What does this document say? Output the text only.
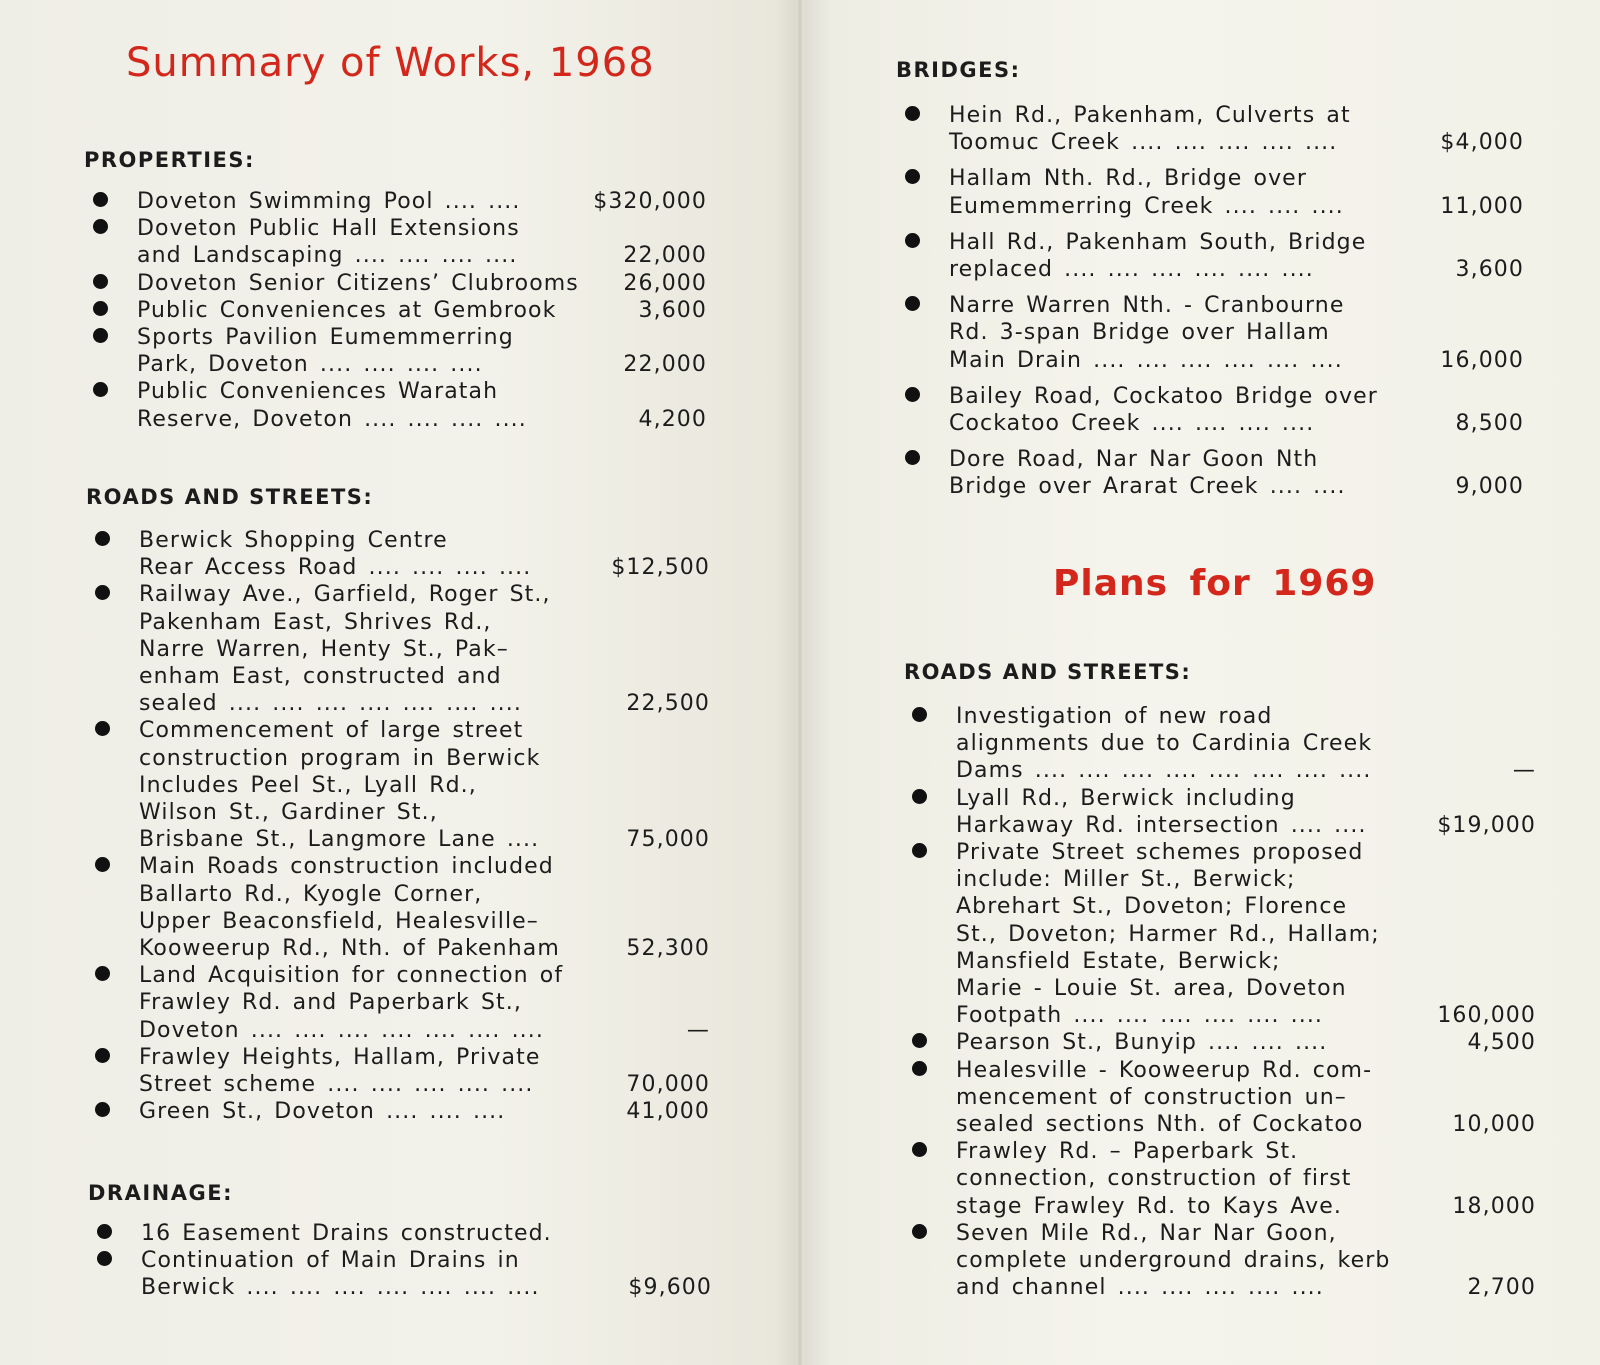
Summary of Works, 1968
PROPERTIES:
Doveton Swimming Pool .... ....	$320,000
Doveton Public Hall Extensions
and Landscaping .... .... .... ....	22,000
Doveton Senior Citizens’ Clubrooms	26,000
Public Conveniences at Gembrook	3,600
Sports Pavilion Eumemmerring
Park, Doveton .... .... .... ....	22,000
Public Conveniences Waratah
Reserve, Doveton .... .... .... ....	4,200
ROADS AND STREETS:
Berwick Shopping Centre
Rear Access Road .... .... .... ....	$12,500
Railway Ave., Garfield, Roger St.,
Pakenham East, Shrives Rd.,
Narre Warren, Henty St., Pak–
enham East, constructed and
sealed .... .... .... .... .... .... ....	22,500
Commencement of large street
construction program in Berwick
Includes Peel St., Lyall Rd.,
Wilson St., Gardiner St.,
Brisbane St., Langmore Lane ....	75,000
Main Roads construction included
Ballarto Rd., Kyogle Corner,
Upper Beaconsfield, Healesville–
Kooweerup Rd., Nth. of Pakenham	52,300
Land Acquisition for connection of
Frawley Rd. and Paperbark St.,
Doveton .... .... .... .... .... .... ....	—
Frawley Heights, Hallam, Private
Street scheme .... .... .... .... ....	70,000
Green St., Doveton .... .... ....	41,000
DRAINAGE:
16 Easement Drains constructed.
Continuation of Main Drains in
Berwick .... .... .... .... .... .... ....	$9,600
BRIDGES:
Hein Rd., Pakenham, Culverts at
Toomuc Creek .... .... .... .... ....	$4,000
Hallam Nth. Rd., Bridge over
Eumemmerring Creek .... .... ....	11,000
Hall Rd., Pakenham South, Bridge
replaced .... .... .... .... .... ....	3,600
Narre Warren Nth. - Cranbourne
Rd. 3-span Bridge over Hallam
Main Drain .... .... .... .... .... ....	16,000
Bailey Road, Cockatoo Bridge over
Cockatoo Creek .... .... .... ....	8,500
Dore Road, Nar Nar Goon Nth
Bridge over Ararat Creek .... ....	9,000
Plans for 1969
ROADS AND STREETS:
Investigation of new road
alignments due to Cardinia Creek
Dams .... .... .... .... .... .... .... ....	—
Lyall Rd., Berwick including
Harkaway Rd. intersection .... ....	$19,000
Private Street schemes proposed
include: Miller St., Berwick;
Abrehart St., Doveton; Florence
St., Doveton; Harmer Rd., Hallam;
Mansfield Estate, Berwick;
Marie - Louie St. area, Doveton
Footpath .... .... .... .... .... ....	160,000
Pearson St., Bunyip .... .... ....	4,500
Healesville - Kooweerup Rd. com-
mencement of construction un–
sealed sections Nth. of Cockatoo	10,000
Frawley Rd. – Paperbark St.
connection, construction of first
stage Frawley Rd. to Kays Ave.	18,000
Seven Mile Rd., Nar Nar Goon,
complete underground drains, kerb
and channel .... .... .... .... ....	2,700
